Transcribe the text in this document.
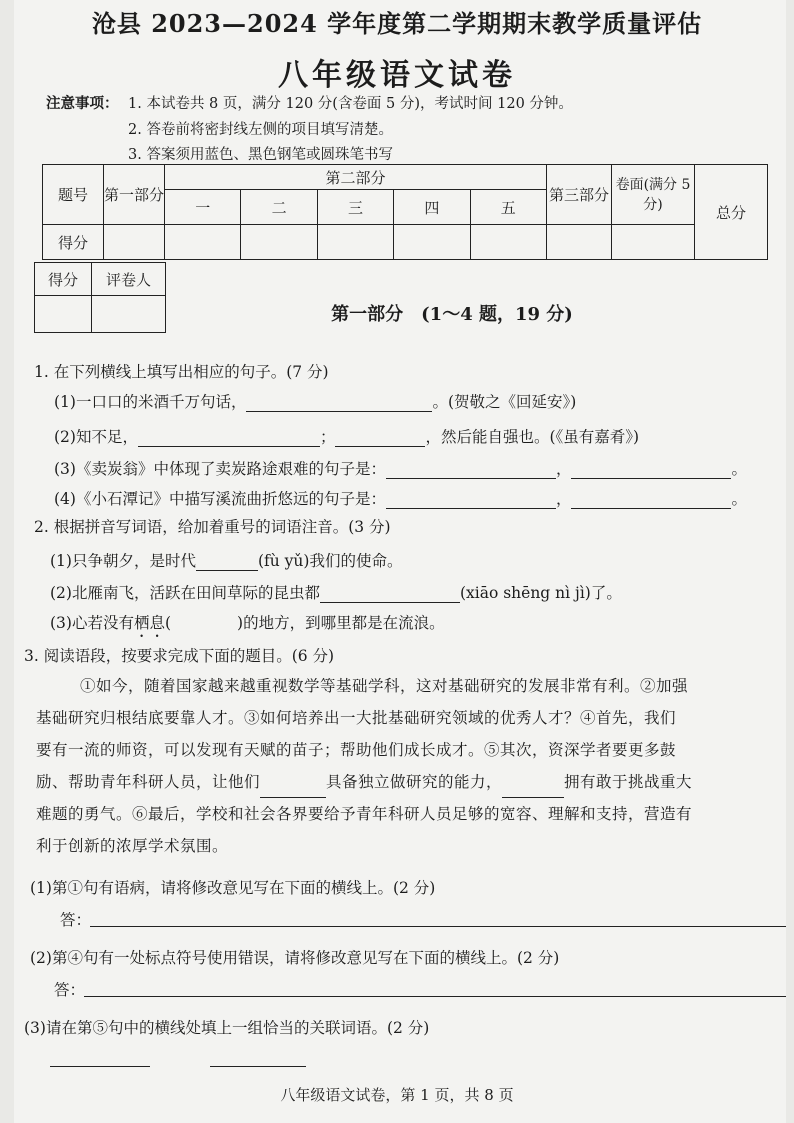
沧县 2023—2024 学年度第二学期期末教学质量评估
八年级语文试卷
注意事项： 1. 本试卷共 8 页，满分 120 分(含卷面 5 分)，考试时间 120 分钟。
2. 答卷前将密封线左侧的项目填写清楚。
3. 答案须用蓝色、黑色钢笔或圆珠笔书写
题号	第一部分	第二部分					第三部分	卷面(满分 5 分)	总分
		一	二	三	四	五			
得分									
得分	评卷人

第一部分　(1～4 题，19 分)
1. 在下列横线上填写出相应的句子。(7 分)
(1)一口口的米酒千万句话，	。(贺敬之《回延安》)
(2)知不足，	；	，然后能自强也。(《虽有嘉肴》)
(3)《卖炭翁》中体现了卖炭路途艰难的句子是：	，	。
(4)《小石潭记》中描写溪流曲折悠远的句子是：	，	。
2. 根据拼音写词语，给加着重号的词语注音。(3 分)
(1)只争朝夕，是时代	(fù yǔ)我们的使命。
(2)北雁南飞，活跃在田间草际的昆虫都	(xiāo shēng nì jì)了。
(3)心若没有栖息(	)的地方，到哪里都是在流浪。
3. 阅读语段，按要求完成下面的题目。(6 分)
①如今，随着国家越来越重视数学等基础学科，这对基础研究的发展非常有利。②加强
基础研究归根结底要靠人才。③如何培养出一大批基础研究领域的优秀人才？④首先，我们
要有一流的师资，可以发现有天赋的苗子；帮助他们成长成才。⑤其次，资深学者要更多鼓
励、帮助青年科研人员，让他们	具备独立做研究的能力，	拥有敢于挑战重大
难题的勇气。⑥最后，学校和社会各界要给予青年科研人员足够的宽容、理解和支持，营造有
利于创新的浓厚学术氛围。
(1)第①句有语病，请将修改意见写在下面的横线上。(2 分)
答：
(2)第④句有一处标点符号使用错误，请将修改意见写在下面的横线上。(2 分)
答：
(3)请在第⑤句中的横线处填上一组恰当的关联词语。(2 分)
八年级语文试卷，第 1 页，共 8 页
